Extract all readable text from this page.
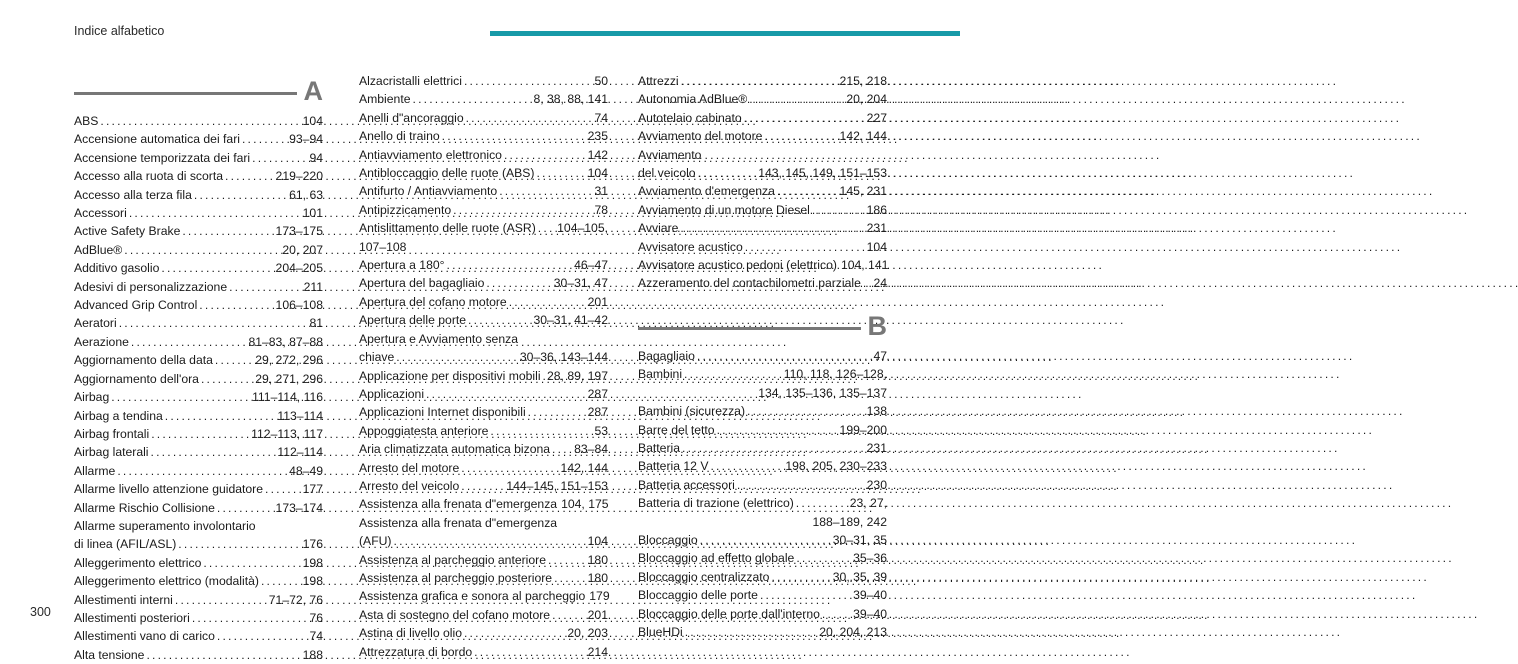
Indice alfabetico
A
ABS . . .	104
Accensione automatica dei fari . . .	93–94
Accensione temporizzata dei fari . . .	94
Accesso alla ruota di scorta . . .	219–220
Accesso alla terza fila . . .	61, 63
Accessori . . .	101
Active Safety Brake . . .	173–175
AdBlue® . . .	20, 207
Additivo gasolio . . .	204–205
Adesivi di personalizzazione . . .	211
Advanced Grip Control . . .	106–108
Aeratori . . .	81
Aerazione . . .	81–83, 87–88
Aggiornamento della data . . .	29, 272, 296
Aggiornamento dell'ora . . .	29, 271, 296
Airbag . . .	111–114, 116
Airbag a tendina . . .	113–114
Airbag frontali . . .	112–113, 117
Airbag laterali . . .	112–114
Allarme . . .	48–49
Allarme livello attenzione guidatore . . .	177
Allarme Rischio Collisione . . .	173–174
Allarme superamento involontario
di linea (AFIL/ASL) . . .	176
Alleggerimento elettrico . . .	198
Alleggerimento elettrico (modalità) . . .	198
Allestimenti interni . . .	71–72, 76
Allestimenti posteriori . . .	76
Allestimenti vano di carico . . .	74
Alta tensione . . .	188
Alzacristalli elettrici . . .	50
Ambiente . . .	8, 38, 88, 141
Anelli d"ancoraggio . . .	74
Anello di traino . . .	235
Antiavviamento elettronico . . .	142
Antibloccaggio delle ruote (ABS) . . .	104
Antifurto / Antiavviamento . . .	31
Antipizzicamento . . .	78
Antislittamento delle ruote (ASR) . . . 104–105,
107–108
Apertura a 180° . . .	46–47
Apertura del bagagliaio . . .	30–31, 47
Apertura del cofano motore . . .	201
Apertura delle porte . . .	30–31, 41–42
Apertura e Avviamento senza
chiave . . .	30–36, 143–144
Applicazione per dispositivi mobili . . . 28, 89, 197
Applicazioni . . .	287
Applicazioni Internet disponibili . . .	287
Appoggiatesta anteriore . . .	53
Aria climatizzata automatica bizona . . . 83–84
Arresto del motore . . .	142, 144
Arresto del veicolo . . .	144–145, 151–153
Assistenza alla frenata d"emergenza 104, 175
Assistenza alla frenata d"emergenza
(AFU) . . .	104
Assistenza al parcheggio anteriore . . .	180
Assistenza al parcheggio posteriore . . .	180
Assistenza grafica e sonora al parcheggio 179
Asta di sostegno del cofano motore . . .	201
Astina di livello olio . . .	20, 203
Attrezzatura di bordo . . .	214
Attrezzi . . .	215, 218
Autonomia AdBlue® . . .	20, 204
Autotelaio cabinato . . .	227
Avviamento del motore . . .	142, 144
Avviamento
del veicolo . . .	143, 145, 149, 151–153
Avviamento d'emergenza . . .	145, 231
Avviamento di un motore Diesel . . .	186
Avviare . . .	231
Avvisatore acustico . . .	104
Avvisatore acustico pedoni (elettrico) 104, 141
Azzeramento del contachilometri parziale . . . 24
B
Bagagliaio . . .	47
Bambini . . .	110, 118, 126–128,
134, 135–136, 135–137
Bambini (sicurezza) . . .	138
Barre del tetto . . .	199–200
Batteria . . .	231
Batteria 12 V . . .	198, 205, 230–233
Batteria accessori . . .	230
Batteria di trazione (elettrico) . . .	23, 27,
188–189, 242
Bloccaggio . . .	30–31, 35
Bloccaggio ad effetto globale . . .	35–36
Bloccaggio centralizzato . . .	30, 35, 39
Bloccaggio delle porte . . .	39–40
Bloccaggio delle porte dall'interno . . .	39–40
BlueHDi . . .	20, 204, 213
300
